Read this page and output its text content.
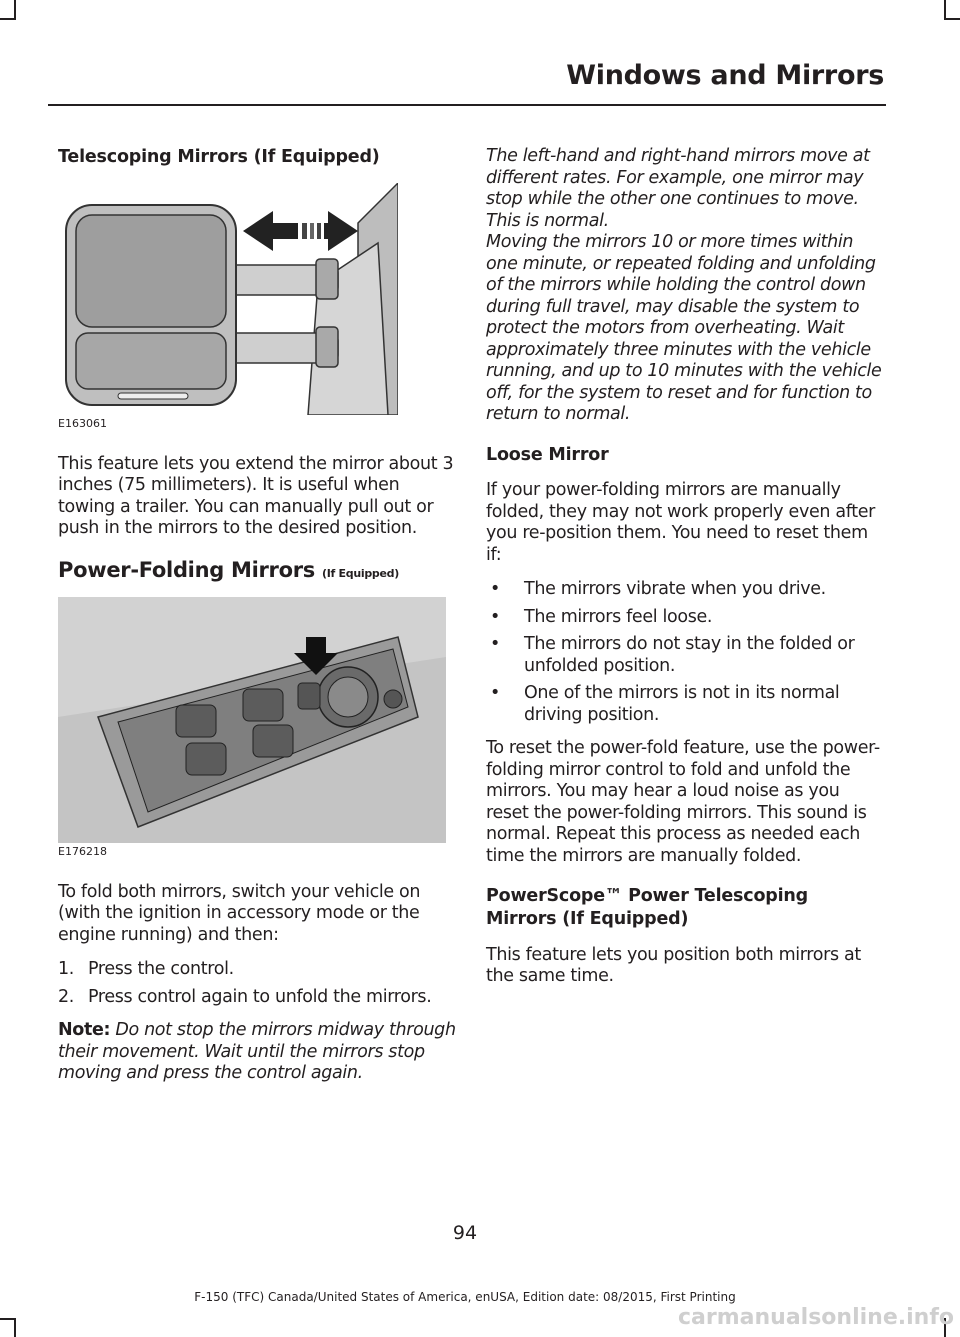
Windows and Mirrors
Telescoping Mirrors (If Equipped)
E163061

This feature lets you extend the mirror about 3 inches (75 millimeters). It is useful when towing a trailer. You can manually pull out or push in the mirrors to the desired position.

Power-Folding Mirrors (If Equipped)
E176218

To fold both mirrors, switch your vehicle on (with the ignition in accessory mode or the engine running) and then:

1. Press the control.
2. Press control again to unfold the mirrors.

Note: Do not stop the mirrors midway through their movement. Wait until the mirrors stop moving and press the control again.

The left-hand and right-hand mirrors move at different rates. For example, one mirror may stop while the other one continues to move. This is normal.

Moving the mirrors 10 or more times within one minute, or repeated folding and unfolding of the mirrors while holding the control down during full travel, may disable the system to protect the motors from overheating. Wait approximately three minutes with the vehicle running, and up to 10 minutes with the vehicle off, for the system to reset and for function to return to normal.

Loose Mirror

If your power-folding mirrors are manually folded, they may not work properly even after you re-position them. You need to reset them if:

•	The mirrors vibrate when you drive.
•	The mirrors feel loose.
•	The mirrors do not stay in the folded or unfolded position.
•	One of the mirrors is not in its normal driving position.

To reset the power-fold feature, use the power-folding mirror control to fold and unfold the mirrors. You may hear a loud noise as you reset the power-folding mirrors. This sound is normal. Repeat this process as needed each time the mirrors are manually folded.

PowerScope™ Power Telescoping Mirrors (If Equipped)

This feature lets you position both mirrors at the same time.

94
F-150 (TFC) Canada/United States of America, enUSA, Edition date: 08/2015, First Printing
carmanualsonline.info
